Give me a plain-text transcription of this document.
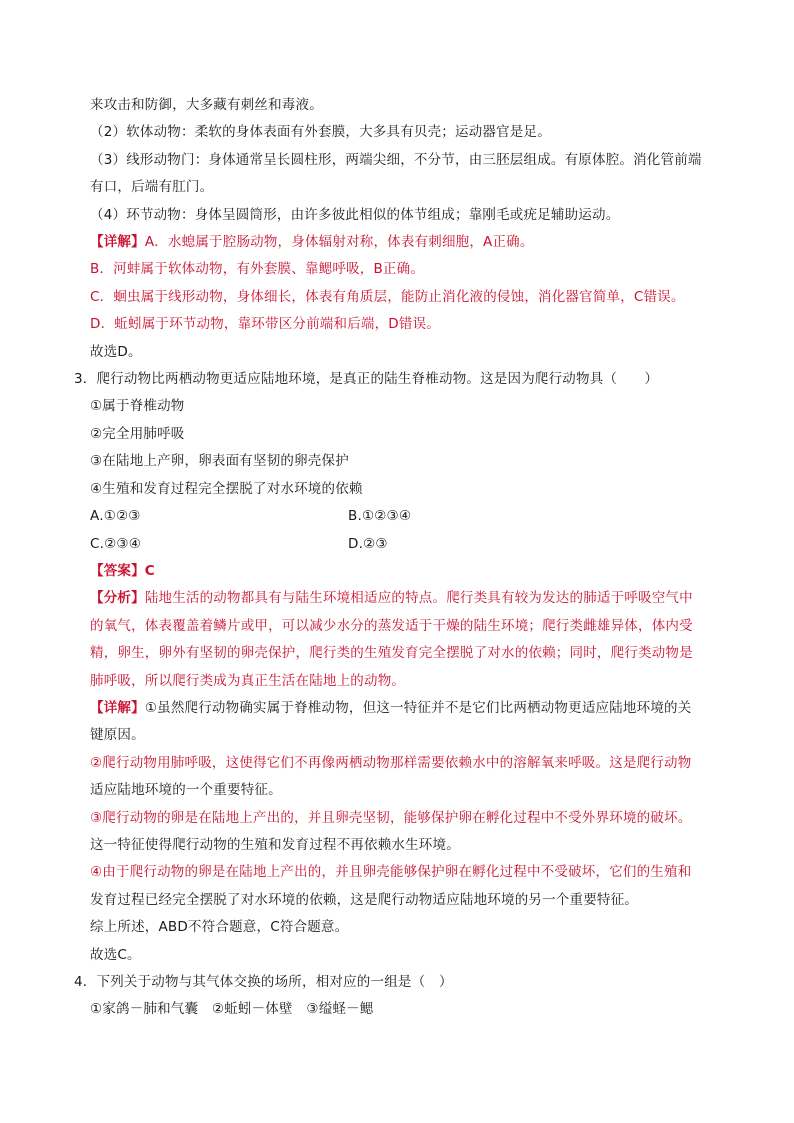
来攻击和防御，大多藏有刺丝和毒液。
（2）软体动物：柔软的身体表面有外套膜，大多具有贝壳；运动器官是足。
（3）线形动物门：身体通常呈长圆柱形，两端尖细，不分节，由三胚层组成。有原体腔。消化管前端
有口，后端有肛门。
（4）环节动物：身体呈圆筒形，由许多彼此相似的体节组成；靠刚毛或疣足辅助运动。
【详解】A．水螅属于腔肠动物，身体辐射对称，体表有刺细胞，A正确。
B．河蚌属于软体动物，有外套膜、靠鳃呼吸，B正确。
C．蛔虫属于线形动物，身体细长，体表有角质层，能防止消化液的侵蚀，消化器官简单，C错误。
D．蚯蚓属于环节动物，靠环带区分前端和后端，D错误。
故选D。
3．爬行动物比两栖动物更适应陆地环境，是真正的陆生脊椎动物。这是因为爬行动物具（　　）
①属于脊椎动物
②完全用肺呼吸
③在陆地上产卵，卵表面有坚韧的卵壳保护
④生殖和发育过程完全摆脱了对水环境的依赖
A.①②③	B.①②③④
C.②③④	D.②③
【答案】C
【分析】陆地生活的动物都具有与陆生环境相适应的特点。爬行类具有较为发达的肺适于呼吸空气中
的氧气，体表覆盖着鳞片或甲，可以减少水分的蒸发适于干燥的陆生环境；爬行类雌雄异体，体内受
精，卵生，卵外有坚韧的卵壳保护，爬行类的生殖发育完全摆脱了对水的依赖；同时，爬行类动物是
肺呼吸，所以爬行类成为真正生活在陆地上的动物。
【详解】①虽然爬行动物确实属于脊椎动物，但这一特征并不是它们比两栖动物更适应陆地环境的关
键原因。
②爬行动物用肺呼吸，这使得它们不再像两栖动物那样需要依赖水中的溶解氧来呼吸。这是爬行动物
适应陆地环境的一个重要特征。
③爬行动物的卵是在陆地上产出的，并且卵壳坚韧，能够保护卵在孵化过程中不受外界环境的破坏。
这一特征使得爬行动物的生殖和发育过程不再依赖水生环境。
④由于爬行动物的卵是在陆地上产出的，并且卵壳能够保护卵在孵化过程中不受破坏，它们的生殖和
发育过程已经完全摆脱了对水环境的依赖，这是爬行动物适应陆地环境的另一个重要特征。
综上所述，ABD不符合题意，C符合题意。
故选C。
4．下列关于动物与其气体交换的场所，相对应的一组是（　）
①家鸽－肺和气囊　②蚯蚓－体壁　③缢蛏－鳃
